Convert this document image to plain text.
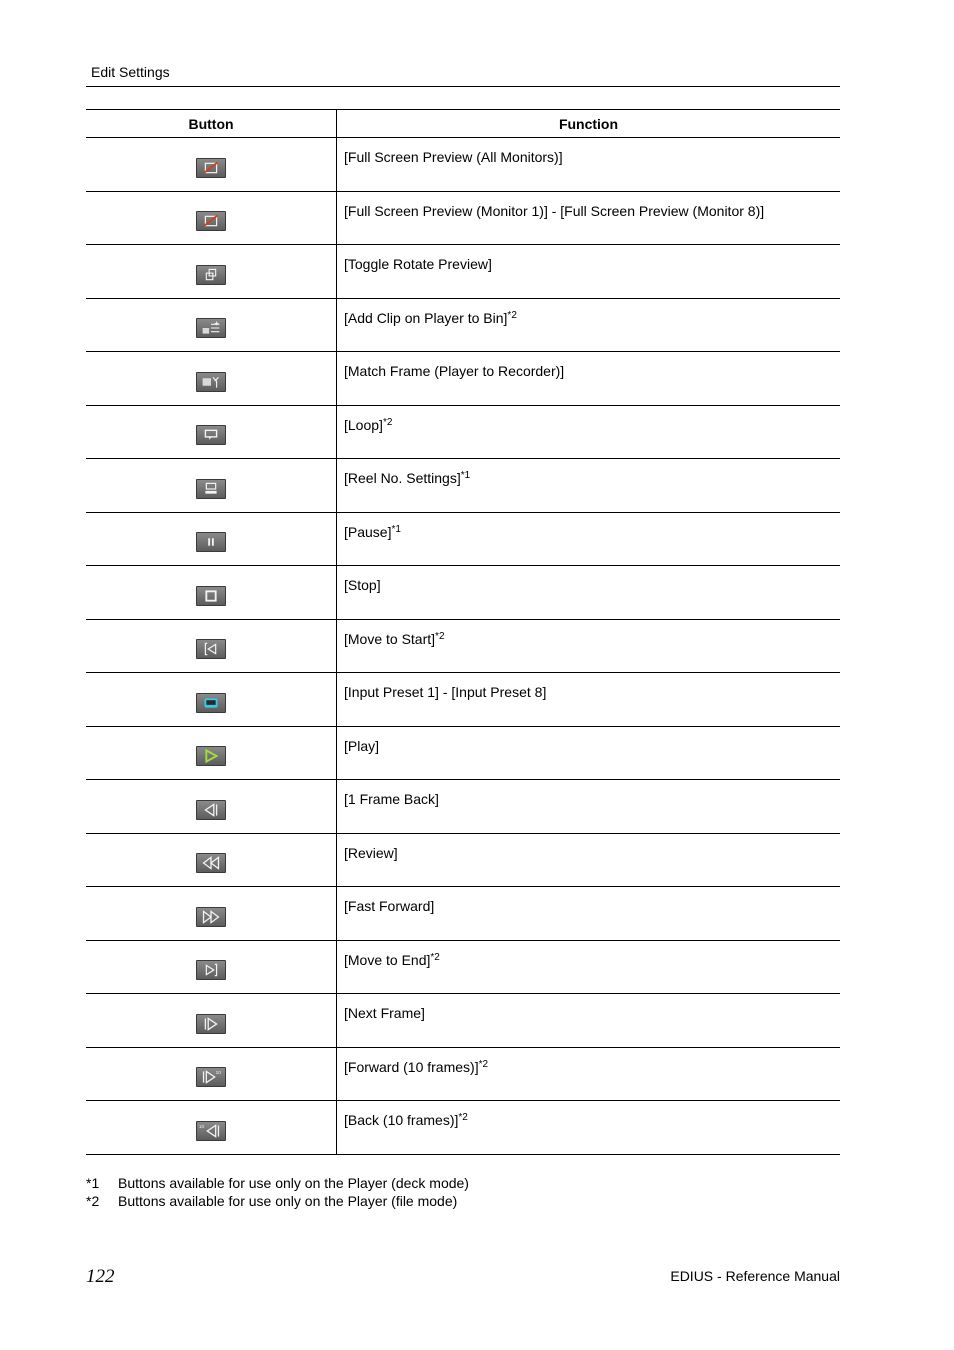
Edit Settings
Button	Function
[Full Screen Preview (All Monitors)]
[Full Screen Preview (Monitor 1)] - [Full Screen Preview (Monitor 8)]
[Toggle Rotate Preview]
[Add Clip on Player to Bin]$^{*2}$
[Match Frame (Player to Recorder)]
[Loop]$^{*2}$
[Reel No. Settings]$^{*1}$
[Pause]$^{*1}$
[Stop]
[Move to Start]$^{*2}$
[Input Preset 1] - [Input Preset 8]
[Play]
[1 Frame Back]
[Review]
[Fast Forward]
[Move to End]$^{*2}$
[Next Frame]
10	[Forward (10 frames)]$^{*2}$
10	[Back (10 frames)]$^{*2}$
*1	Buttons available for use only on the Player (deck mode)
*2	Buttons available for use only on the Player (file mode)
122	EDIUS - Reference Manual
